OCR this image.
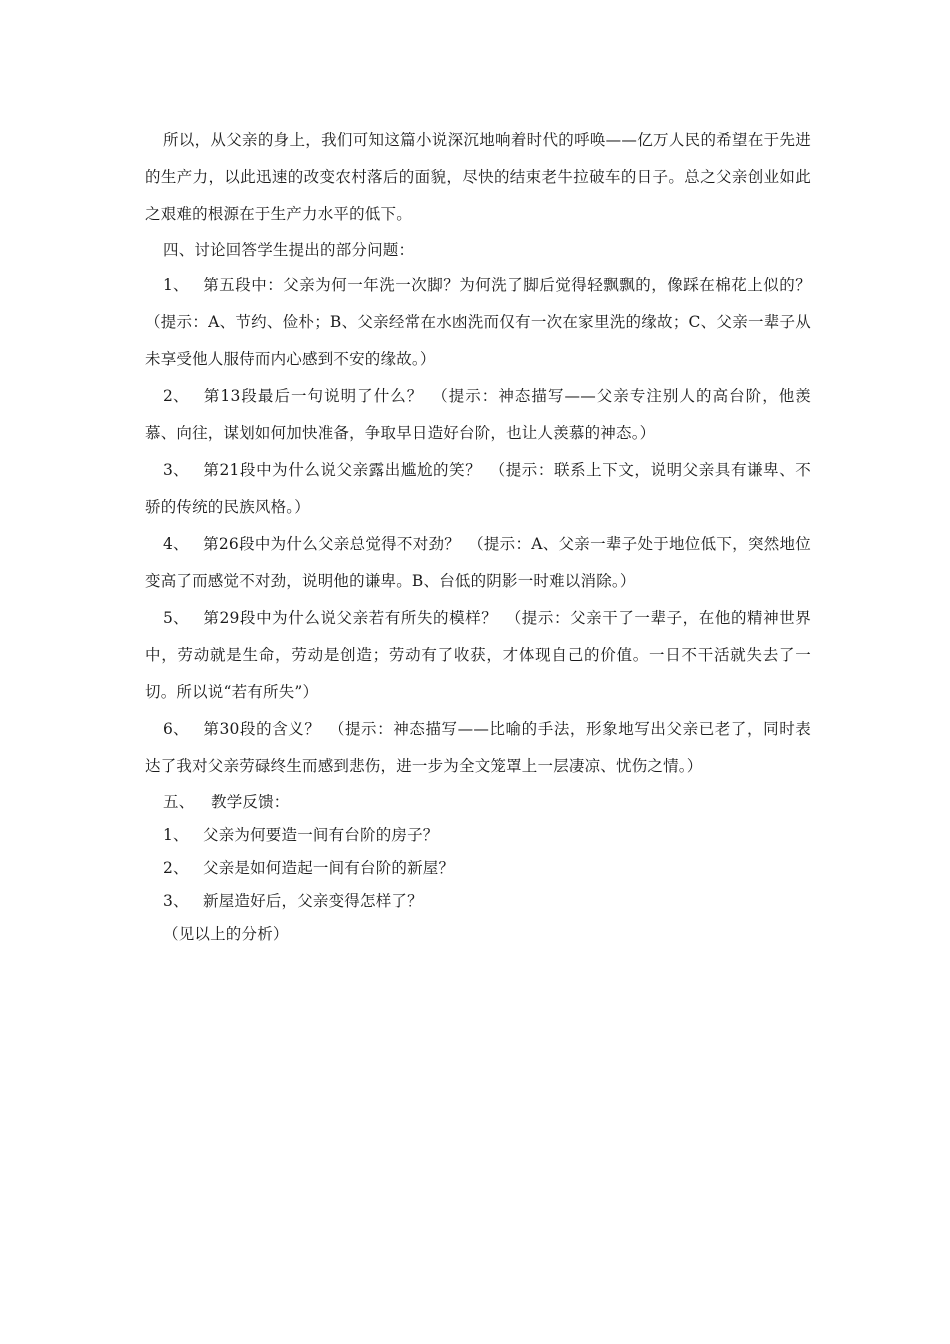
所以，从父亲的身上，我们可知这篇小说深沉地响着时代的呼唤——亿万人民的希望在于先进的生产力，以此迅速的改变农村落后的面貌，尽快的结束老牛拉破车的日子。总之父亲创业如此之艰难的根源在于生产力水平的低下。

四、讨论回答学生提出的部分问题：

1、 第五段中：父亲为何一年洗一次脚？为何洗了脚后觉得轻飘飘的，像踩在棉花上似的？（提示：A、节约、俭朴；B、父亲经常在水凼洗而仅有一次在家里洗的缘故；C、父亲一辈子从未享受他人服侍而内心感到不安的缘故。）

2、 第13段最后一句说明了什么？　（提示：神态描写——父亲专注别人的高台阶，他羡慕、向往，谋划如何加快准备，争取早日造好台阶，也让人羡慕的神态。）

3、 第21段中为什么说父亲露出尴尬的笑？　（提示：联系上下文，说明父亲具有谦卑、不骄的传统的民族风格。）

4、 第26段中为什么父亲总觉得不对劲？　（提示：A、父亲一辈子处于地位低下，突然地位变高了而感觉不对劲，说明他的谦卑。B、台低的阴影一时难以消除。）

5、 第29段中为什么说父亲若有所失的模样？　（提示：父亲干了一辈子，在他的精神世界中，劳动就是生命，劳动是创造；劳动有了收获，才体现自己的价值。一日不干活就失去了一切。所以说“若有所失”）

6、 第30段的含义？　（提示：神态描写——比喻的手法，形象地写出父亲已老了，同时表达了我对父亲劳碌终生而感到悲伤，进一步为全文笼罩上一层凄凉、忧伤之情。）

五、 教学反馈：

1、 父亲为何要造一间有台阶的房子？

2、 父亲是如何造起一间有台阶的新屋？

3、 新屋造好后，父亲变得怎样了？

（见以上的分析）
